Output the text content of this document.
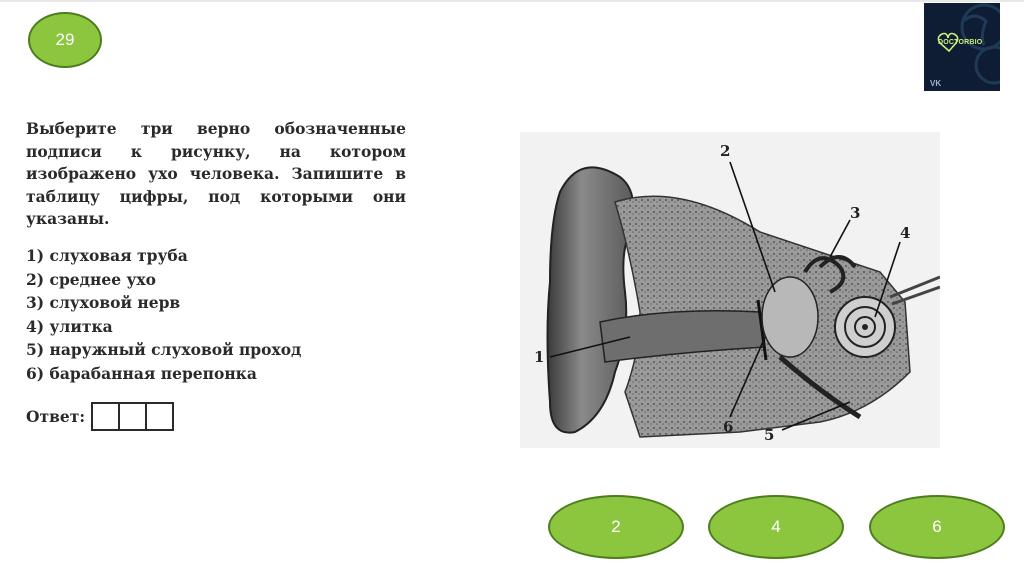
29	DOCTORBIO
VK
Выберите три верно обозначенные подписи к рисунку, на котором изображено ухо человека. Запишите в таблицу цифры, под которыми они указаны.
1) слуховая труба
2) среднее ухо
3) слуховой нерв
4) улитка
5) наружный слуховой проход
6) барабанная перепонка
Ответ:
1
2
3
4
5
6
2	4	6
